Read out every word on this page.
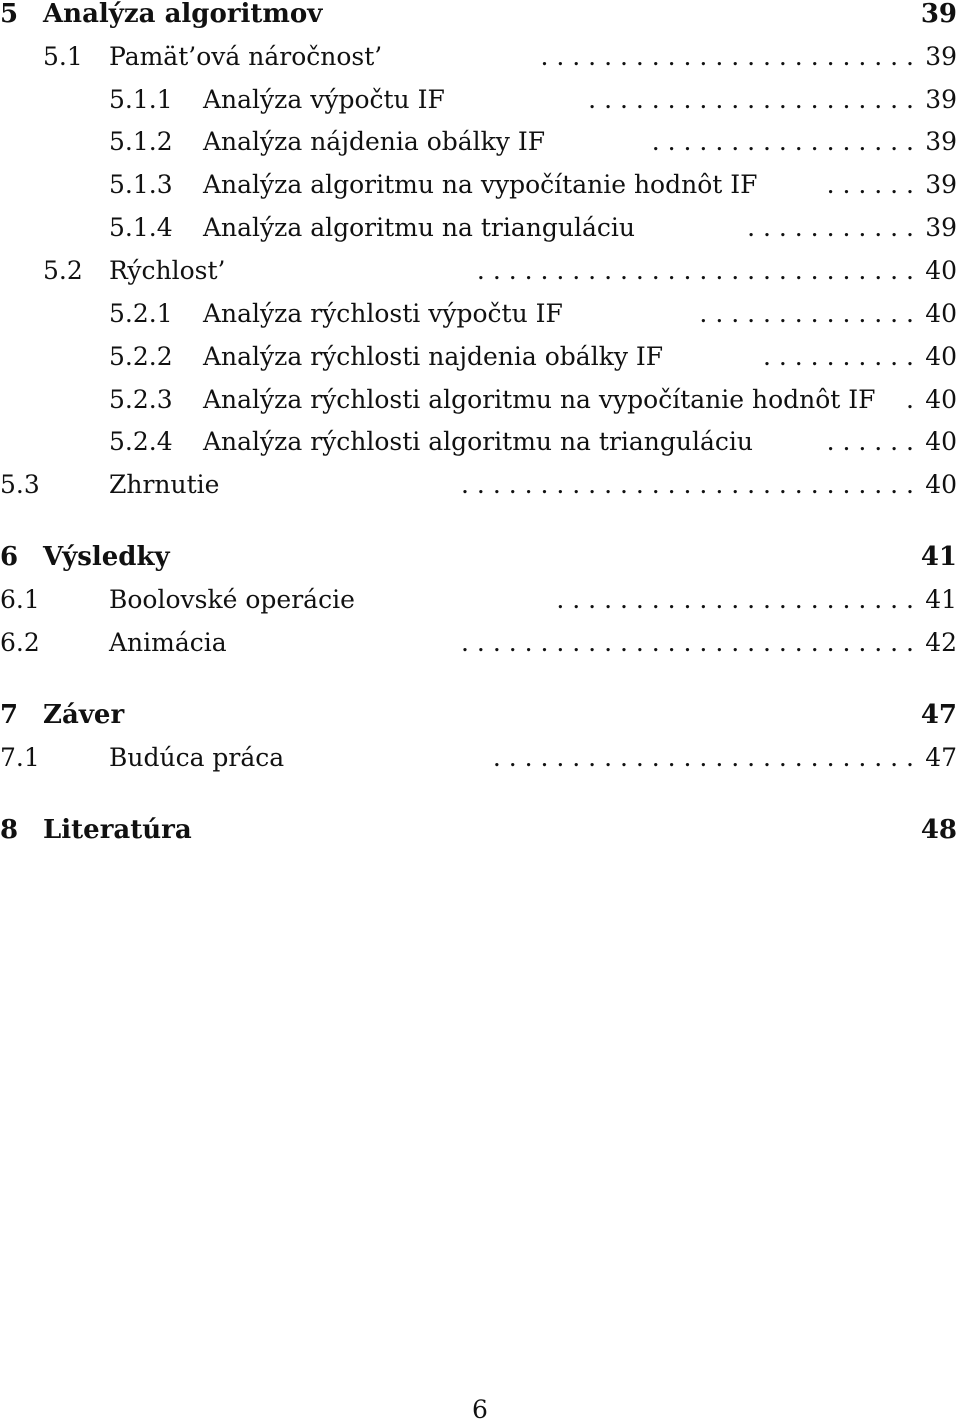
5 Analýza algoritmov	39
5.1 Pamät’ová náročnost’	. . . . . . . . . . . . . . . . . . . . . . . . 39
5.1.1 Analýza výpočtu IF	. . . . . . . . . . . . . . . . . . . . . 39
5.1.2 Analýza nájdenia obálky IF	. . . . . . . . . . . . . . . . . 39
5.1.3 Analýza algoritmu na vypočítanie hodnôt IF	. . . . . . 39
5.1.4 Analýza algoritmu na trianguláciu	. . . . . . . . . . . 39
5.2 Rýchlost’	. . . . . . . . . . . . . . . . . . . . . . . . . . . . 40
5.2.1 Analýza rýchlosti výpočtu IF	. . . . . . . . . . . . . . 40
5.2.2 Analýza rýchlosti najdenia obálky IF	. . . . . . . . . . 40
5.2.3 Analýza rýchlosti algoritmu na vypočítanie hodnôt IF	. 40
5.2.4 Analýza rýchlosti algoritmu na trianguláciu	. . . . . . 40
5.3	Zhrnutie	. . . . . . . . . . . . . . . . . . . . . . . . . . . . . 40
6 Výsledky	41
6.1	Boolovské operácie	. . . . . . . . . . . . . . . . . . . . . . . 41
6.2	Animácia	. . . . . . . . . . . . . . . . . . . . . . . . . . . . . 42
7 Záver	47
7.1	Budúca práca	. . . . . . . . . . . . . . . . . . . . . . . . . . . 47
8 Literatúra	48
6
